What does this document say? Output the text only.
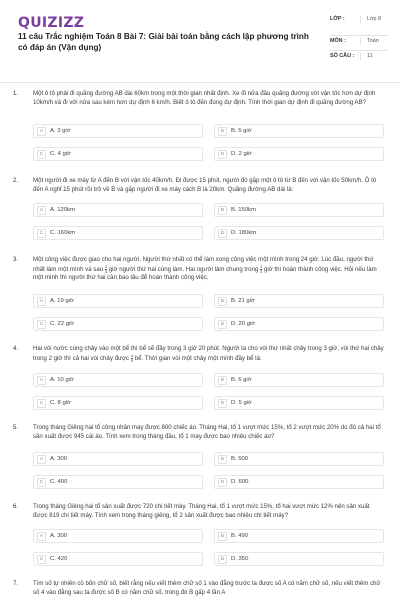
QUIZIZZ
11 câu Trắc nghiệm Toán 8 Bài 7: Giải bài toán bằng cách lập phương trình có đáp án (Vận dụng)
LỚP :	Lớp 8
MÔN :	Toán
SỐ CÂU :	11
1. Một ô tô phải đi quãng đường AB dài 60km trong một thời gian nhất định. Xe đi nửa đầu quãng đường với vận tốc hơn dự định 10km/h và đi với nửa sau kém hơn dự định 6 km/h. Biết ô tô đến đúng dự định. Tính thời gian dự định đi quãng đường AB?
A	A. 3 giờ	B	B. 5 giờ
C	C. 4 giờ	D	D. 2 giờ
2. Một người đi xe máy từ A đến B với vận tốc 40km/h. Đi được 15 phút, người đó gặp một ô tô từ B đến với vận tốc 50km/h. Ô tô đến A nghỉ 15 phút rồi trở về B và gặp người đi xe máy cách B là 20km. Quãng đường AB dài là:
A	A. 120km	B	B. 150km
C	C. 160km	D	D. 180km
3. Một công việc được giao cho hai người. Người thứ nhất có thể làm xong công việc một mình trong 24 giờ. Lúc đầu, người thứ nhất làm một mình và sau $\frac{2}{3}$ giờ người thứ hai cùng làm. Hai người làm chung trong $\frac{1}{3}$ giờ thì hoàn thành công việc. Hỏi nếu làm một mình thì người thứ hai cần bao lâu để hoàn thành công việc.
A	A. 19 giờ	B	B. 21 giờ
C	C. 22 giờ	D	D. 20 giờ
4. Hai vòi nước cùng chảy vào một bể thì bể sẽ đầy trong 3 giờ 20 phút. Người ta cho vòi thứ nhất chảy trong 3 giờ, vòi thứ hai chảy trong 2 giờ thì cả hai vòi chảy được $\frac{4}{5}$ bể. Thời gian vòi một chảy một mình đầy bể là:
A	A. 10 giờ	B	B. 6 giờ
C	C. 8 giờ	D	D. 5 giờ
5. Trong tháng Giêng hai tổ công nhân may được 800 chiếc áo. Tháng Hai, tổ 1 vượt mức 15%, tổ 2 vượt mức 20% do đó cả hai tổ sản xuất được 945 cái áo. Tính xem trong tháng đầu, tổ 1 may được bao nhiêu chiếc áo?
A	A. 300	B	B. 500
C	C. 400	D	D. 600
6. Trong tháng Giêng hai tổ sản xuất được 720 chi tiết máy. Tháng Hai, tổ 1 vượt mức 15%, tổ hai vượt mức 12% nên sản xuất được 819 chi tiết máy. Tính xem trong tháng giêng, tổ 2 sản xuất được bao nhiêu chi tiết máy?
A	A. 300	B	B. 490
C	C. 420	D	D. 350
7. Tìm số tự nhiên có bốn chữ số, biết rằng nếu viết thêm chữ số 1 vào đằng trước ta được số A có năm chữ số, nếu viết thêm chữ số 4 vào đằng sau ta được số B có năm chữ số, trong đó B gấp 4 lần A
